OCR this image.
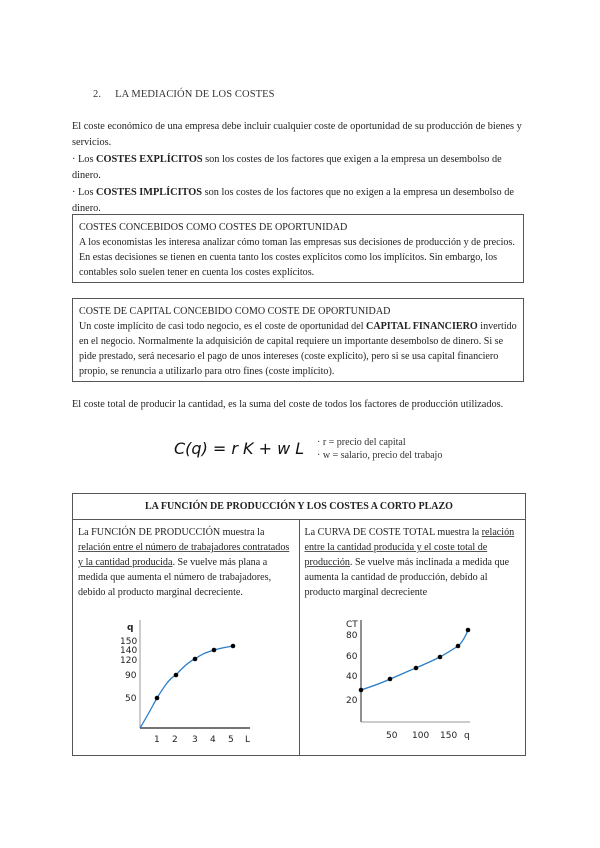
2. LA MEDIACIÓN DE LOS COSTES
El coste económico de una empresa debe incluir cualquier coste de oportunidad de su producción de bienes y servicios.
· Los COSTES EXPLÍCITOS son los costes de los factores que exigen a la empresa un desembolso de dinero.
· Los COSTES IMPLÍCITOS son los costes de los factores que no exigen a la empresa un desembolso de dinero.
COSTES CONCEBIDOS COMO COSTES DE OPORTUNIDAD
A los economistas les interesa analizar cómo toman las empresas sus decisiones de producción y de precios. En estas decisiones se tienen en cuenta tanto los costes explícitos como los implícitos. Sin embargo, los contables solo suelen tener en cuenta los costes explícitos.
COSTE DE CAPITAL CONCEBIDO COMO COSTE DE OPORTUNIDAD
Un coste implícito de casi todo negocio, es el coste de oportunidad del CAPITAL FINANCIERO invertido en el negocio. Normalmente la adquisición de capital requiere un importante desembolso de dinero. Si se pide prestado, será necesario el pago de unos intereses (coste explícito), pero si se usa capital financiero propio, se renuncia a utilizarlo para otro fines (coste implícito).
El coste total de producir la cantidad, es la suma del coste de todos los factores de producción utilizados.
C(q) = r K + w L · r = precio del capital
· w = salario, precio del trabajo
LA FUNCIÓN DE PRODUCCIÓN Y LOS COSTES A CORTO PLAZO
La FUNCIÓN DE PRODUCCIÓN muestra la relación entre el número de trabajadores contratados y la cantidad producida. Se vuelve más plana a medida que aumenta el número de trabajadores, debido al producto marginal decreciente.	La CURVA DE COSTE TOTAL muestra la relación entre la cantidad producida y el coste total de producción. Se vuelve más inclinada a medida que aumenta la cantidad de producción, debido al producto marginal decreciente
q
150
140
120
90
50
1 2 3 4 5 L
CT
80
60
40
20
50 100 150 q
